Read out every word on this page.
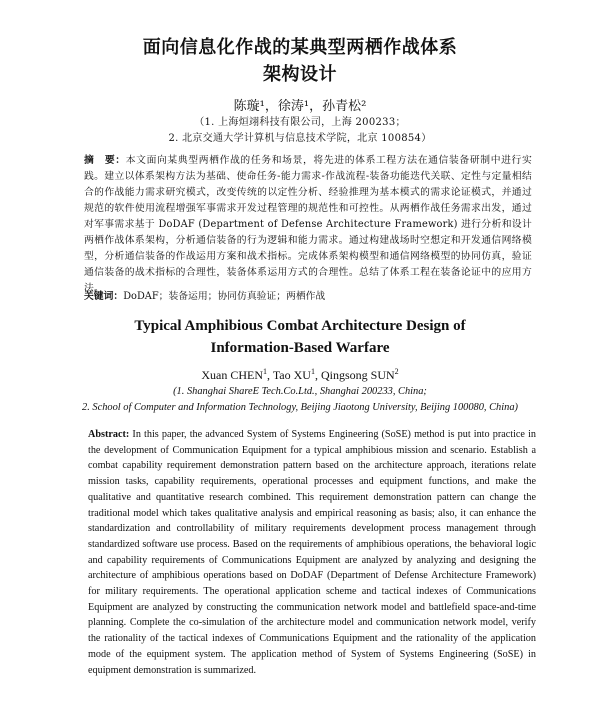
面向信息化作战的某典型两栖作战体系
架构设计
陈璇¹，徐涛¹，孙青松²
（1. 上海烜翊科技有限公司，上海 200233；
2. 北京交通大学计算机与信息技术学院，北京 100854）
摘　要：本文面向某典型两栖作战的任务和场景，将先进的体系工程方法在通信装备研制中进行实践。建立以体系架构方法为基础、使命任务-能力需求-作战流程-装备功能迭代关联、定性与定量相结合的作战能力需求研究模式，改变传统的以定性分析、经验推理为基本模式的需求论证模式，并通过规范的软件使用流程增强军事需求开发过程管理的规范性和可控性。从两栖作战任务需求出发，通过对军事需求基于 DoDAF (Department of Defense Architecture Framework) 进行分析和设计两栖作战体系架构，分析通信装备的行为逻辑和能力需求。通过构建战场时空想定和开发通信网络模型，分析通信装备的作战运用方案和战术指标。完成体系架构模型和通信网络模型的协同仿真，验证通信装备的战术指标的合理性，装备体系运用方式的合理性。总结了体系工程在装备论证中的应用方法。
关键词：DoDAF；装备运用；协同仿真验证；两栖作战
Typical Amphibious Combat Architecture Design of
Information-Based Warfare
Xuan CHEN$^1$, Tao $XU^1$, Qingsong SUN$^2$
(1. Shanghai ShareE Tech.Co.Ltd., Shanghai 200233, China;
2. School of Computer and Information Technology, Beijing Jiaotong University, Beijing 100080, China)
Abstract: In this paper, the advanced System of Systems Engineering (SoSE) method is put into practice in the development of Communication Equipment for a typical amphibious mission and scenario. Establish a combat capability requirement demonstration pattern based on the architecture approach, iterations relate mission tasks, capability requirements, operational processes and equipment functions, and make the qualitative and quantitative research combined. This requirement demonstration pattern can change the traditional model which takes qualitative analysis and empirical reasoning as basis; also, it can enhance the standardization and controllability of military requirements development process management through standardized software use process. Based on the requirements of amphibious operations, the behavioral logic and capability requirements of Communications Equipment are analyzed by analyzing and designing the architecture of amphibious operations based on DoDAF (Department of Defense Architecture Framework) for military requirements. The operational application scheme and tactical indexes of Communications Equipment are analyzed by constructing the communication network model and battlefield space-and-time planning. Complete the co-simulation of the architecture model and communication network model, verify the rationality of the tactical indexes of Communications Equipment and the rationality of the application mode of the equipment system. The application method of System of Systems Engineering (SoSE) in equipment demonstration is summarized.
